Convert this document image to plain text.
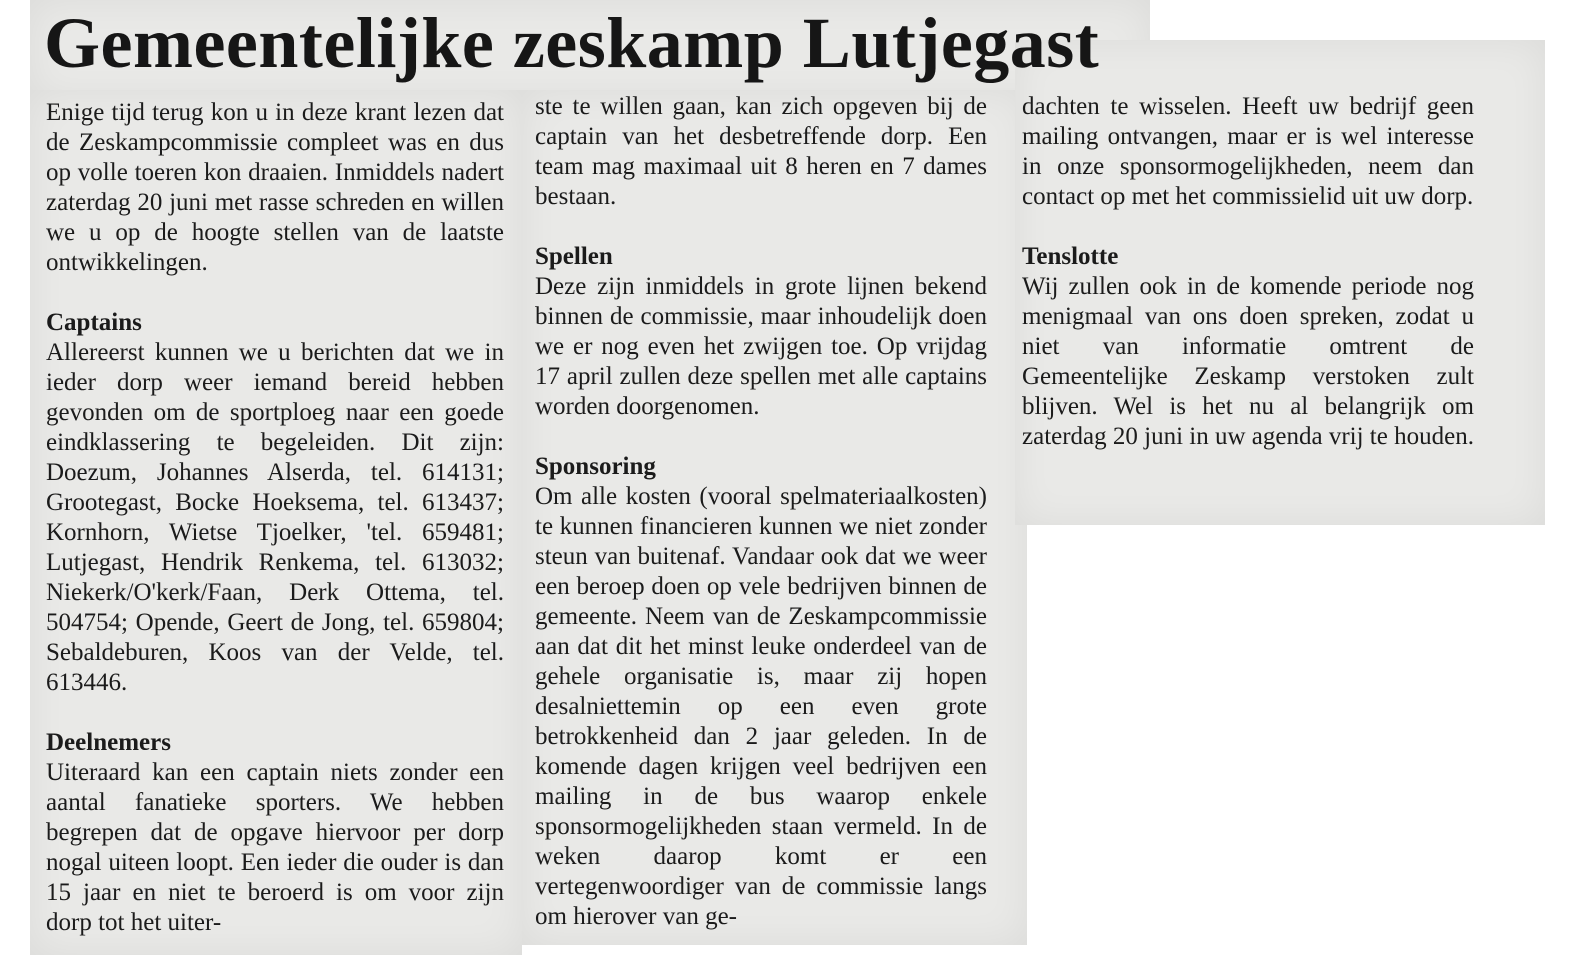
Gemeentelijke zeskamp Lutjegast

Enige tijd terug kon u in deze krant lezen dat de Zeskampcommissie compleet was en dus op volle toeren kon draaien. Inmiddels nadert zaterdag 20 juni met rasse schreden en willen we u op de hoogte stellen van de laatste ontwikkelingen.

Captains

Allereerst kunnen we u berichten dat we in ieder dorp weer iemand bereid hebben gevonden om de sportploeg naar een goede eindklassering te begeleiden. Dit zijn: Doezum, Johannes Alserda, tel. 614131; Grootegast, Bocke Hoeksema, tel. 613437; Kornhorn, Wietse Tjoelker, 'tel. 659481; Lutjegast, Hendrik Renkema, tel. 613032; Niekerk/O'kerk/Faan, Derk Ottema, tel. 504754; Opende, Geert de Jong, tel. 659804; Sebaldeburen, Koos van der Velde, tel. 613446.

Deelnemers

Uiteraard kan een captain niets zonder een aantal fanatieke sporters. We hebben begrepen dat de opgave hiervoor per dorp nogal uiteen loopt. Een ieder die ouder is dan 15 jaar en niet te beroerd is om voor zijn dorp tot het uiter-

ste te willen gaan, kan zich opgeven bij de captain van het desbetreffende dorp. Een team mag maximaal uit 8 heren en 7 dames bestaan.

Spellen

Deze zijn inmiddels in grote lijnen bekend binnen de commissie, maar inhoudelijk doen we er nog even het zwijgen toe. Op vrijdag 17 april zullen deze spellen met alle captains worden doorgenomen.

Sponsoring

Om alle kosten (vooral spelmateriaalkosten) te kunnen financieren kunnen we niet zonder steun van buitenaf. Vandaar ook dat we weer een beroep doen op vele bedrijven binnen de gemeente. Neem van de Zeskampcommissie aan dat dit het minst leuke onderdeel van de gehele organisatie is, maar zij hopen desalniettemin op een even grote betrokkenheid dan 2 jaar geleden. In de komende dagen krijgen veel bedrijven een mailing in de bus waarop enkele sponsormogelijkheden staan vermeld. In de weken daarop komt er een vertegenwoordiger van de commissie langs om hierover van ge-

dachten te wisselen. Heeft uw bedrijf geen mailing ontvangen, maar er is wel interesse in onze sponsormogelijkheden, neem dan contact op met het commissielid uit uw dorp.

Tenslotte

Wij zullen ook in de komende periode nog menigmaal van ons doen spreken, zodat u niet van informatie omtrent de Gemeentelijke Zeskamp verstoken zult blijven. Wel is het nu al belangrijk om zaterdag 20 juni in uw agenda vrij te houden.
